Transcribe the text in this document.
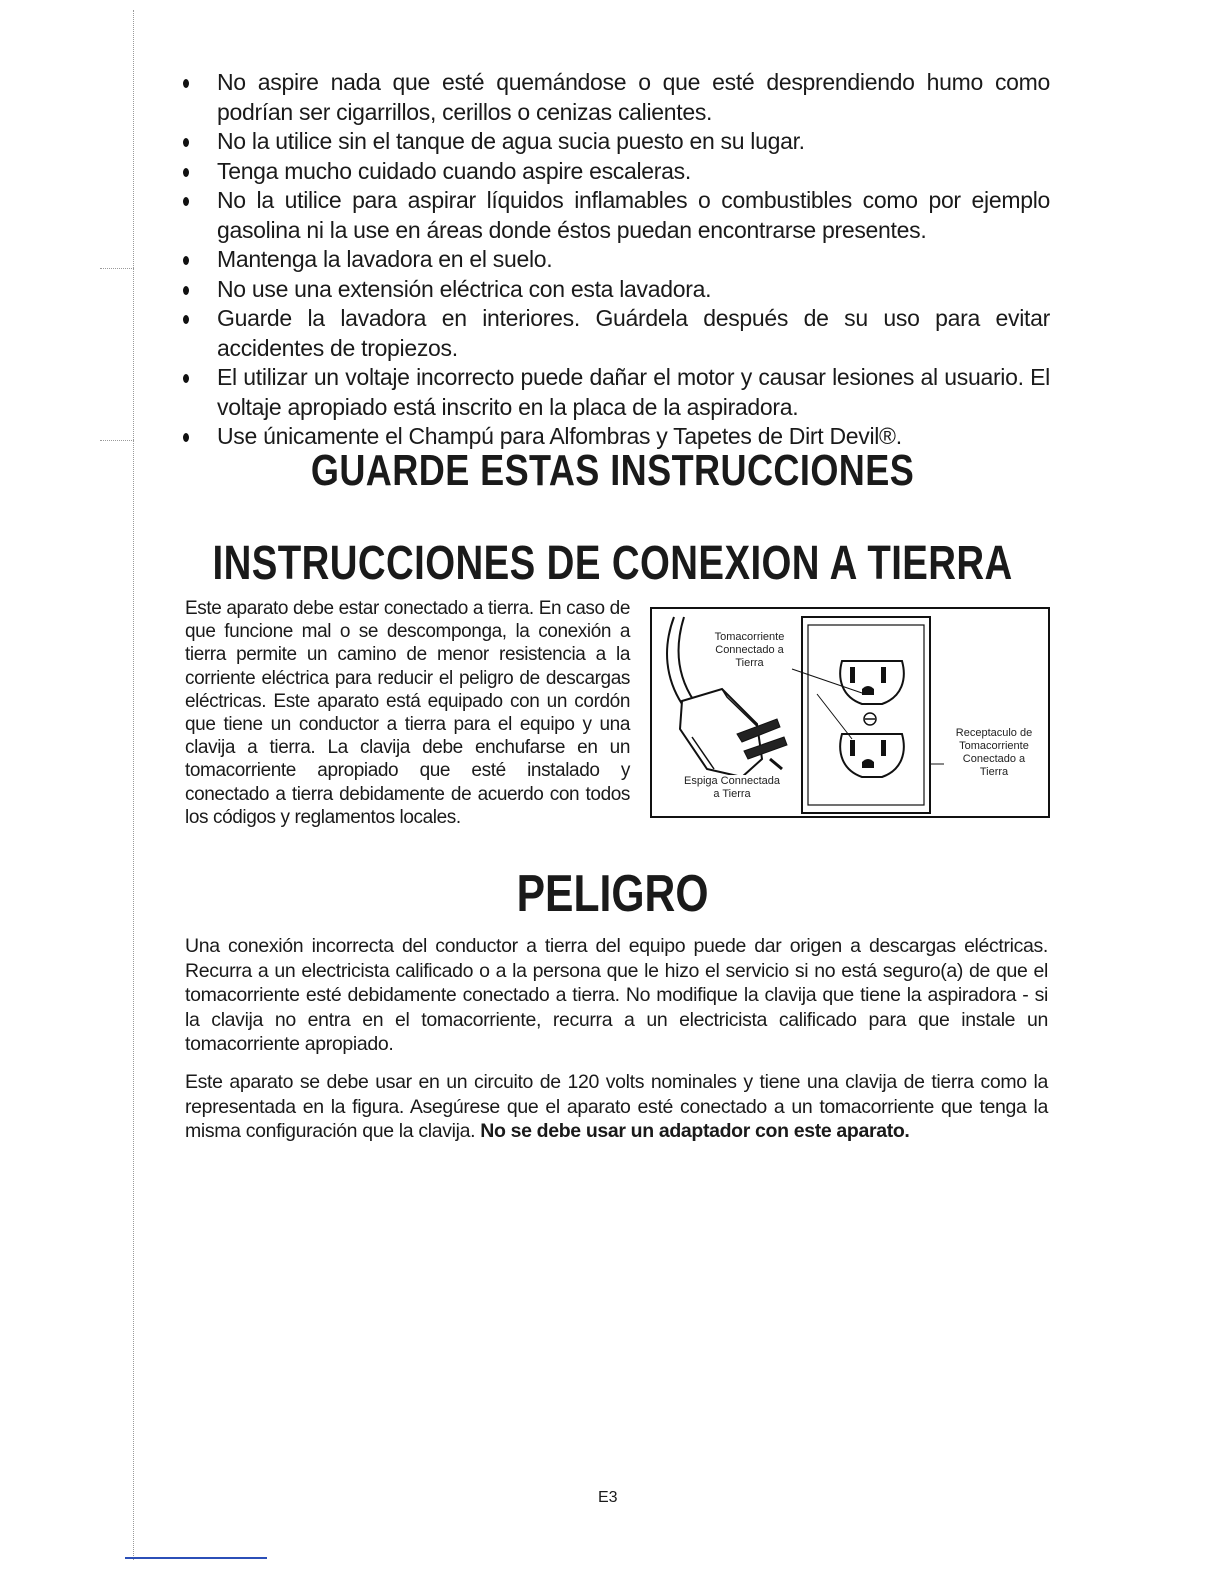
No aspire nada que esté quemándose o que esté desprendiendo humo como podrían ser cigarrillos, cerillos o cenizas calientes.
No la utilice sin el tanque de agua sucia puesto en su lugar.
Tenga mucho cuidado cuando aspire escaleras.
No la utilice para aspirar líquidos inflamables o combustibles como por ejemplo gasolina ni la use en áreas donde éstos puedan encontrarse presentes.
Mantenga la lavadora en el suelo.
No use una extensión eléctrica con esta lavadora.
Guarde la lavadora en interiores. Guárdela después de su uso para evitar accidentes de tropiezos.
El utilizar un voltaje incorrecto puede dañar el motor y causar lesiones al usuario. El voltaje apropiado está inscrito en la placa de la aspiradora.
Use únicamente el Champú para Alfombras y Tapetes de Dirt Devil®.
GUARDE ESTAS INSTRUCCIONES
INSTRUCCIONES DE CONEXION A TIERRA

Este aparato debe estar conectado a tierra. En caso de que funcione mal o se descomponga, la conexión a tierra permite un camino de menor resistencia a la corriente eléctrica para reducir el peligro de descargas eléctricas. Este aparato está equipado con un cordón que tiene un conductor a tierra para el equipo y una clavija a tierra. La clavija debe enchufarse en un tomacorriente apropiado que esté instalado y conectado a tierra debidamente de acuerdo con todos los códigos y reglamentos locales.

Tomacorriente
Connectado a
Tierra
Espiga Connectada
a Tierra
Receptaculo de
Tomacorriente
Conectado a
Tierra
PELIGRO

Una conexión incorrecta del conductor a tierra del equipo puede dar origen a descargas eléctricas. Recurra a un electricista calificado o a la persona que le hizo el servicio si no está seguro(a) de que el tomacorriente esté debidamente conectado a tierra. No modifique la clavija que tiene la aspiradora - si la clavija no entra en el tomacorriente, recurra a un electricista calificado para que instale un tomacorriente apropiado.

Este aparato se debe usar en un circuito de 120 volts nominales y tiene una clavija de tierra como la representada en la figura. Asegúrese que el aparato esté conectado a un tomacorriente que tenga la misma configuración que la clavija. No se debe usar un adaptador con este aparato.

E3
